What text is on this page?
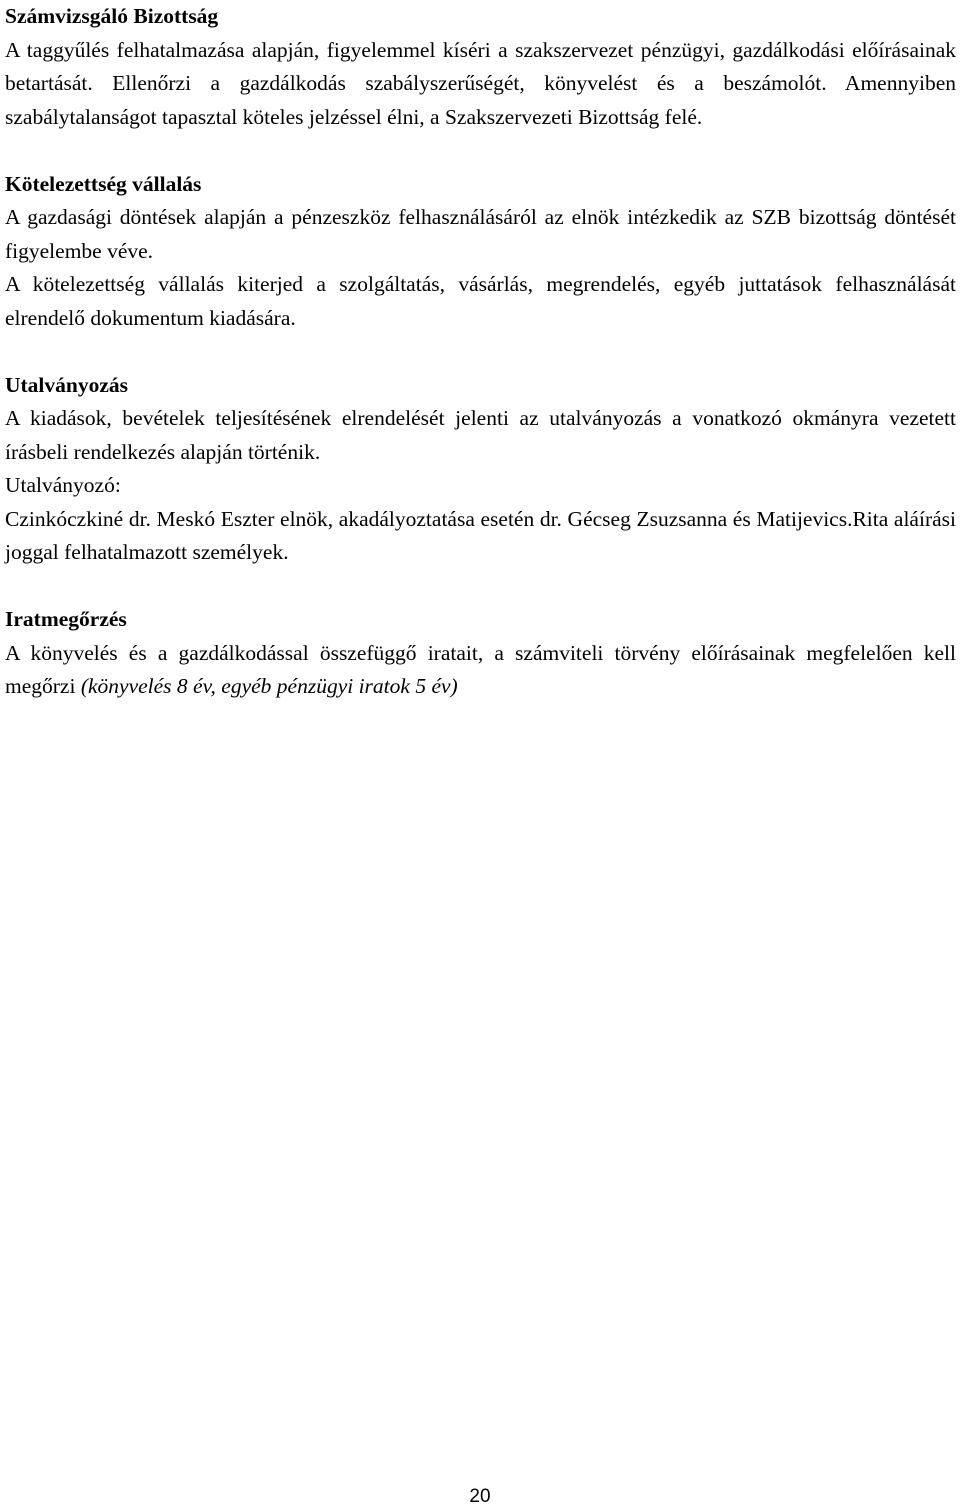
Számvizsgáló Bizottság

A taggyűlés felhatalmazása alapján, figyelemmel kíséri a szakszervezet pénzügyi, gazdálkodási előírásainak betartását. Ellenőrzi a gazdálkodás szabályszerűségét, könyvelést és a beszámolót. Amennyiben szabálytalanságot tapasztal köteles jelzéssel élni, a Szakszervezeti Bizottság felé.

Kötelezettség vállalás

A gazdasági döntések alapján a pénzeszköz felhasználásáról az elnök intézkedik az SZB bizottság döntését figyelembe véve.

A kötelezettség vállalás kiterjed a szolgáltatás, vásárlás, megrendelés, egyéb juttatások felhasználását elrendelő dokumentum kiadására.

Utalványozás

A kiadások, bevételek teljesítésének elrendelését jelenti az utalványozás a vonatkozó okmányra vezetett írásbeli rendelkezés alapján történik.

Utalványozó:

Czinkóczkiné dr. Meskó Eszter elnök, akadályoztatása esetén dr. Gécseg Zsuzsanna és Matijevics.Rita aláírási joggal felhatalmazott személyek.

Iratmegőrzés

A könyvelés és a gazdálkodással összefüggő iratait, a számviteli törvény előírásainak megfelelően kell megőrzi (könyvelés 8 év, egyéb pénzügyi iratok 5 év)

20
